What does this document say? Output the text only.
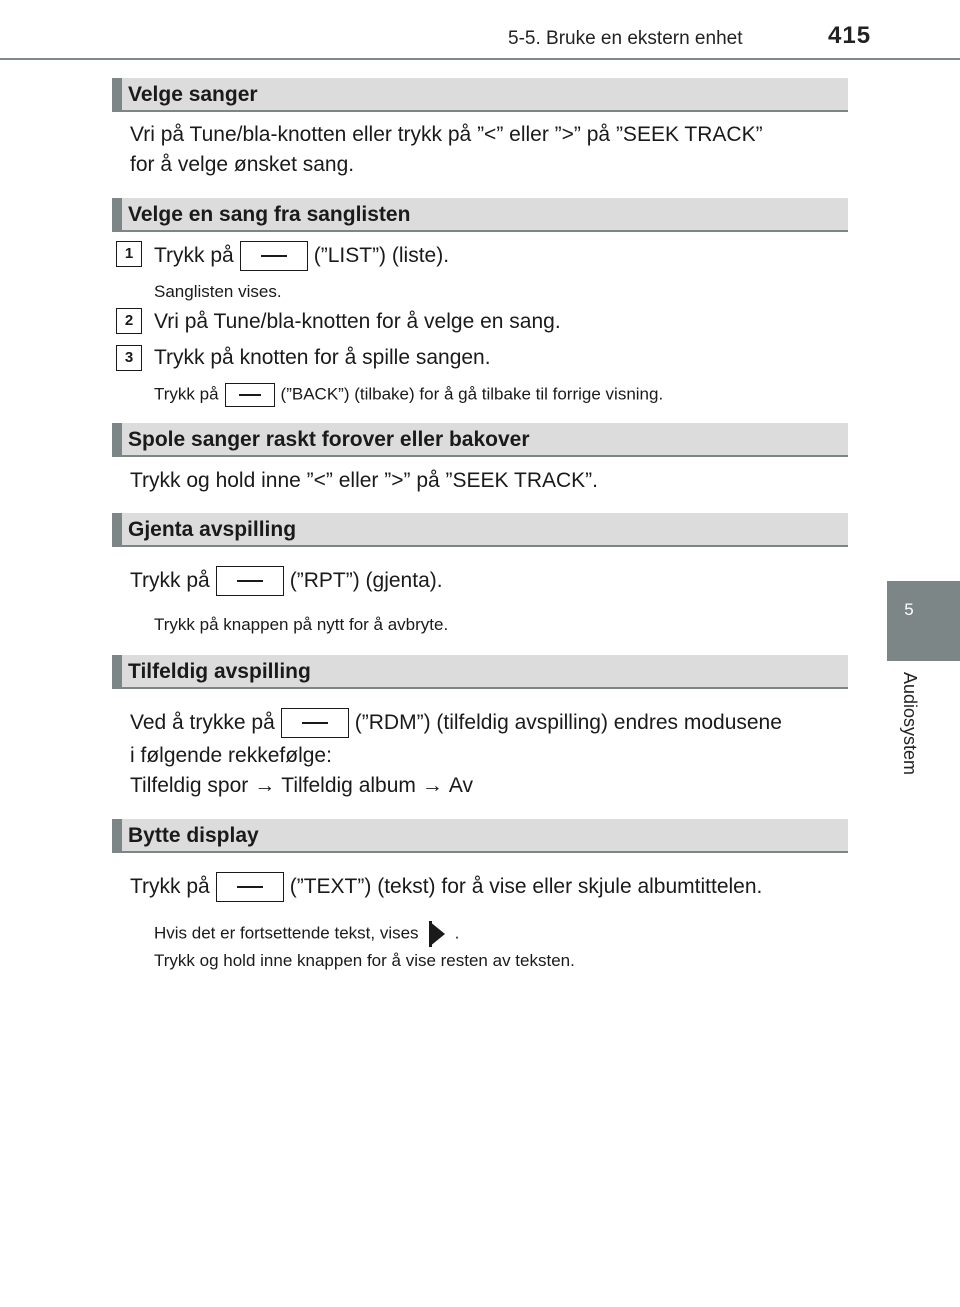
5-5. Bruke en ekstern enhet	415
5
Audiosystem
Velge sanger
Vri på Tune/bla-knotten eller trykk på ”<” eller ”>” på ”SEEK TRACK”
for å velge ønsket sang.
Velge en sang fra sanglisten
1 Trykk på	(”LIST”) (liste).
Sanglisten vises.
2 Vri på Tune/bla-knotten for å velge en sang.
3 Trykk på knotten for å spille sangen.
Trykk på	(”BACK”) (tilbake) for å gå tilbake til forrige visning.
Spole sanger raskt forover eller bakover
Trykk og hold inne ”<” eller ”>” på ”SEEK TRACK”.
Gjenta avspilling
Trykk på	(”RPT”) (gjenta).
Trykk på knappen på nytt for å avbryte.
Tilfeldig avspilling
Ved å trykke på	(”RDM”) (tilfeldig avspilling) endres modusene
i følgende rekkefølge:
Tilfeldig spor → Tilfeldig album → Av
Bytte display
Trykk på	(”TEXT”) (tekst) for å vise eller skjule albumtittelen.
Hvis det er fortsettende tekst, vises .
Trykk og hold inne knappen for å vise resten av teksten.
